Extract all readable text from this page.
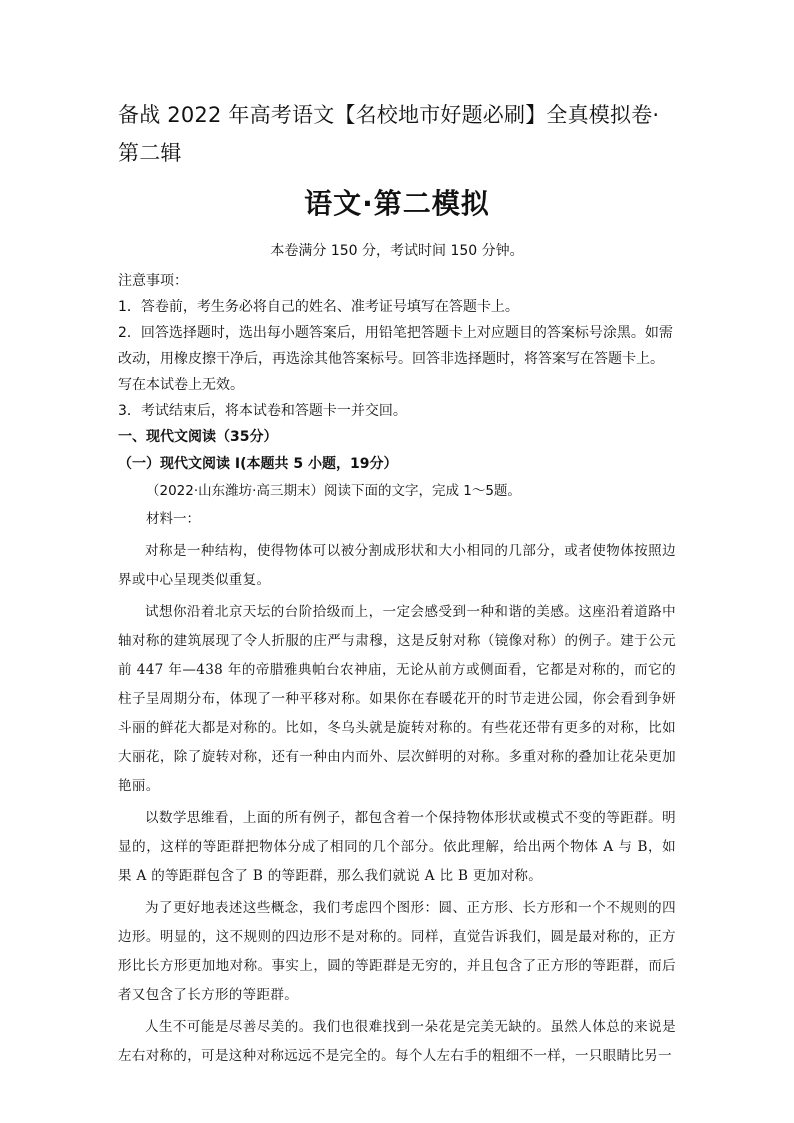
备战 2022 年高考语文【名校地市好题必刷】全真模拟卷·第二辑
语文·第二模拟
本卷满分 150 分，考试时间 150 分钟。
注意事项：
1．答卷前，考生务必将自己的姓名、准考证号填写在答题卡上。
2．回答选择题时，选出每小题答案后，用铅笔把答题卡上对应题目的答案标号涂黑。如需改动，用橡皮擦干净后，再选涂其他答案标号。回答非选择题时，将答案写在答题卡上。写在本试卷上无效。
3．考试结束后，将本试卷和答题卡一并交回。
一、现代文阅读（35分）
（一）现代文阅读 I(本题共 5 小题，19分）
（2022·山东潍坊·高三期末）阅读下面的文字，完成 1～5题。
材料一：
对称是一种结构，使得物体可以被分割成形状和大小相同的几部分，或者使物体按照边界或中心呈现类似重复。
试想你沿着北京天坛的台阶拾级而上，一定会感受到一种和谐的美感。这座沿着道路中轴对称的建筑展现了令人折服的庄严与肃穆，这是反射对称（镜像对称）的例子。建于公元前 447 年—438 年的帝腊雅典帕台农神庙，无论从前方或侧面看，它都是对称的，而它的柱子呈周期分布，体现了一种平移对称。如果你在春暖花开的时节走进公园，你会看到争妍斗丽的鲜花大都是对称的。比如，冬乌头就是旋转对称的。有些花还带有更多的对称，比如大丽花，除了旋转对称，还有一种由内而外、层次鲜明的对称。多重对称的叠加让花朵更加艳丽。
以数学思维看，上面的所有例子，都包含着一个保持物体形状或模式不变的等距群。明显的，这样的等距群把物体分成了相同的几个部分。依此理解，给出两个物体 A 与 B，如果 A 的等距群包含了 B 的等距群，那么我们就说 A 比 B 更加对称。
为了更好地表述这些概念，我们考虑四个图形：圆、正方形、长方形和一个不规则的四边形。明显的，这不规则的四边形不是对称的。同样，直觉告诉我们，圆是最对称的，正方形比长方形更加地对称。事实上，圆的等距群是无穷的，并且包含了正方形的等距群，而后者又包含了长方形的等距群。
人生不可能是尽善尽美的。我们也很难找到一朵花是完美无缺的。虽然人体总的来说是左右对称的，可是这种对称远远不是完全的。每个人左右手的粗细不一样，一只眼睛比另一
